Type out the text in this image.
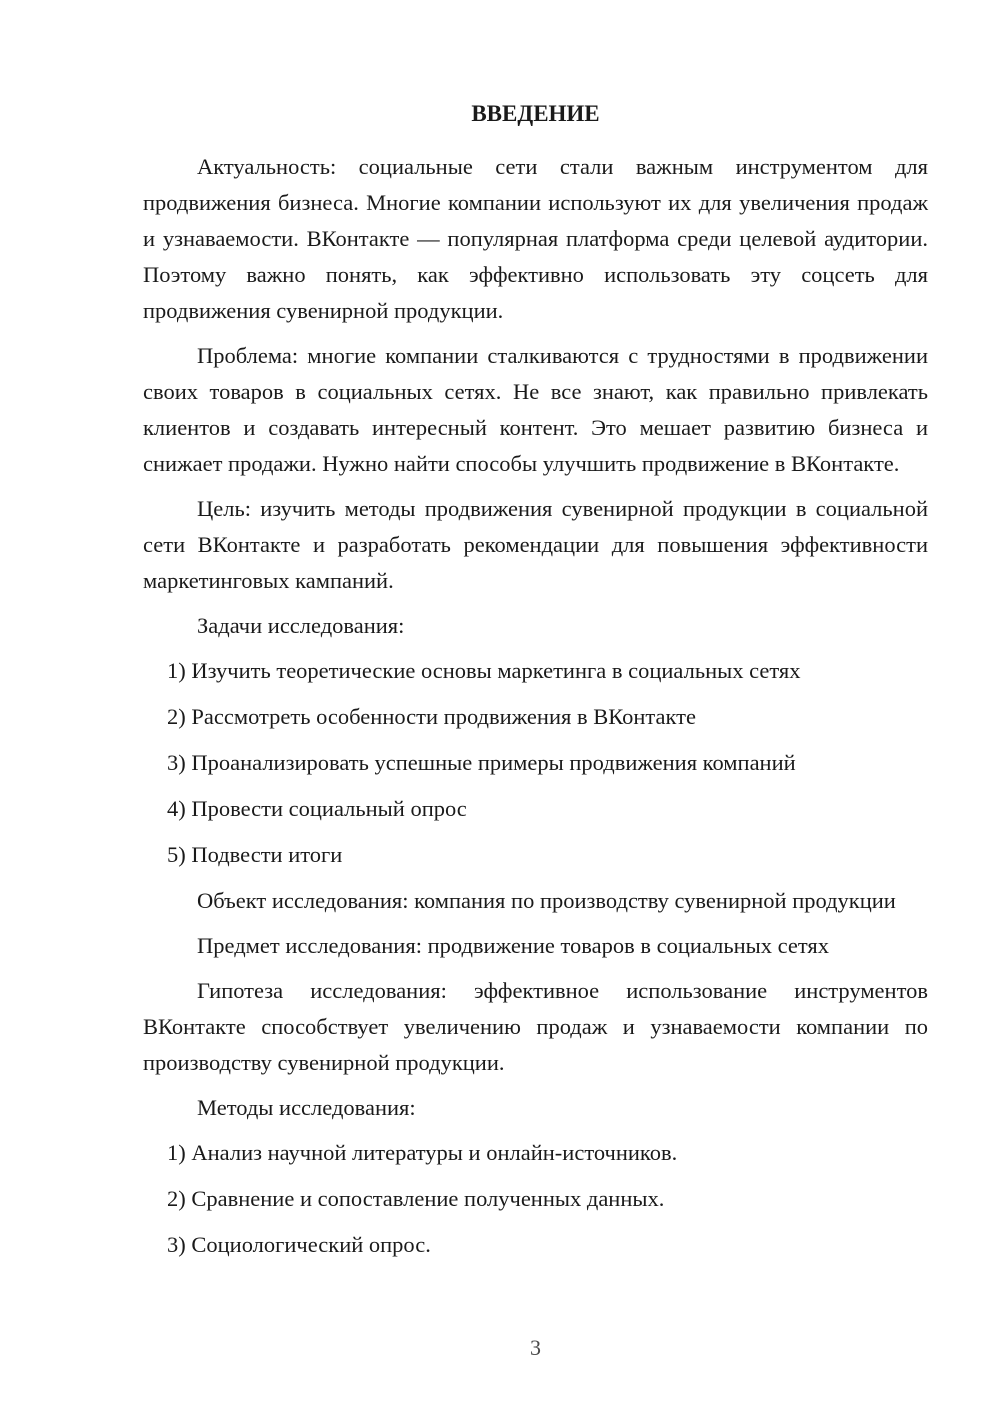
ВВЕДЕНИЕ

Актуальность: социальные сети стали важным инструментом для продвижения бизнеса. Многие компании используют их для увеличения продаж и узнаваемости. ВКонтакте — популярная платформа среди целевой аудитории. Поэтому важно понять, как эффективно использовать эту соцсеть для продвижения сувенирной продукции.

Проблема: многие компании сталкиваются с трудностями в продвижении своих товаров в социальных сетях. Не все знают, как правильно привлекать клиентов и создавать интересный контент. Это мешает развитию бизнеса и снижает продажи. Нужно найти способы улучшить продвижение в ВКонтакте.

Цель: изучить методы продвижения сувенирной продукции в социальной сети ВКонтакте и разработать рекомендации для повышения эффективности маркетинговых кампаний.

Задачи исследования:

1) Изучить теоретические основы маркетинга в социальных сетях

2) Рассмотреть особенности продвижения в ВКонтакте

3) Проанализировать успешные примеры продвижения компаний

4) Провести социальный опрос

5) Подвести итоги

Объект исследования: компания по производству сувенирной продукции

Предмет исследования: продвижение товаров в социальных сетях

Гипотеза исследования: эффективное использование инструментов ВКонтакте способствует увеличению продаж и узнаваемости компании по производству сувенирной продукции.

Методы исследования:

1) Анализ научной литературы и онлайн-источников.

2) Сравнение и сопоставление полученных данных.

3) Социологический опрос.

3
